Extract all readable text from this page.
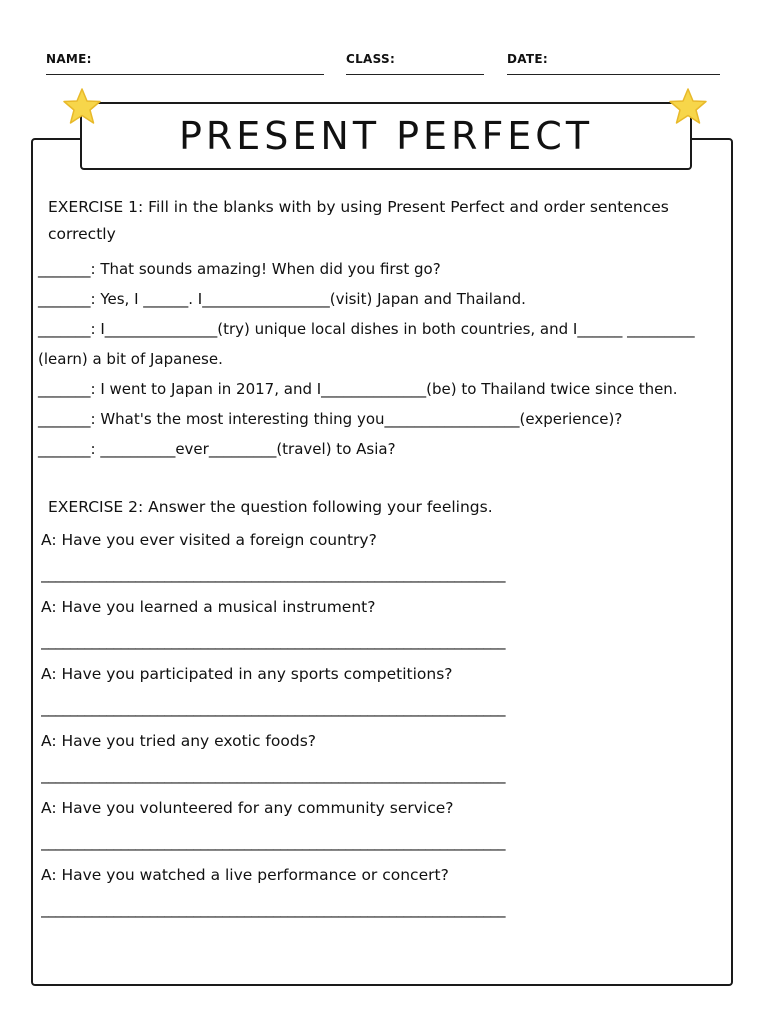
NAME:	CLASS:	DATE:
PRESENT PERFECT
EXERCISE 1: Fill in the blanks with by using Present Perfect and order sentences correctly
_______: That sounds amazing! When did you first go?
_______: Yes, I ______. I_________________(visit) Japan and Thailand.
_______: I_______________(try) unique local dishes in both countries, and I______ _________ (learn) a bit of Japanese.
_______: I went to Japan in 2017, and I______________(be) to Thailand twice since then.
_______: What's the most interesting thing you__________________(experience)?
_______: __________ever_________(travel) to Asia?
EXERCISE 2: Answer the question following your feelings.
A: Have you ever visited a foreign country?
________________________________________________________________
A: Have you learned a musical instrument?
________________________________________________________________
A: Have you participated in any sports competitions?
________________________________________________________________
A: Have you tried any exotic foods?
________________________________________________________________
A: Have you volunteered for any community service?
________________________________________________________________
A: Have you watched a live performance or concert?
________________________________________________________________
